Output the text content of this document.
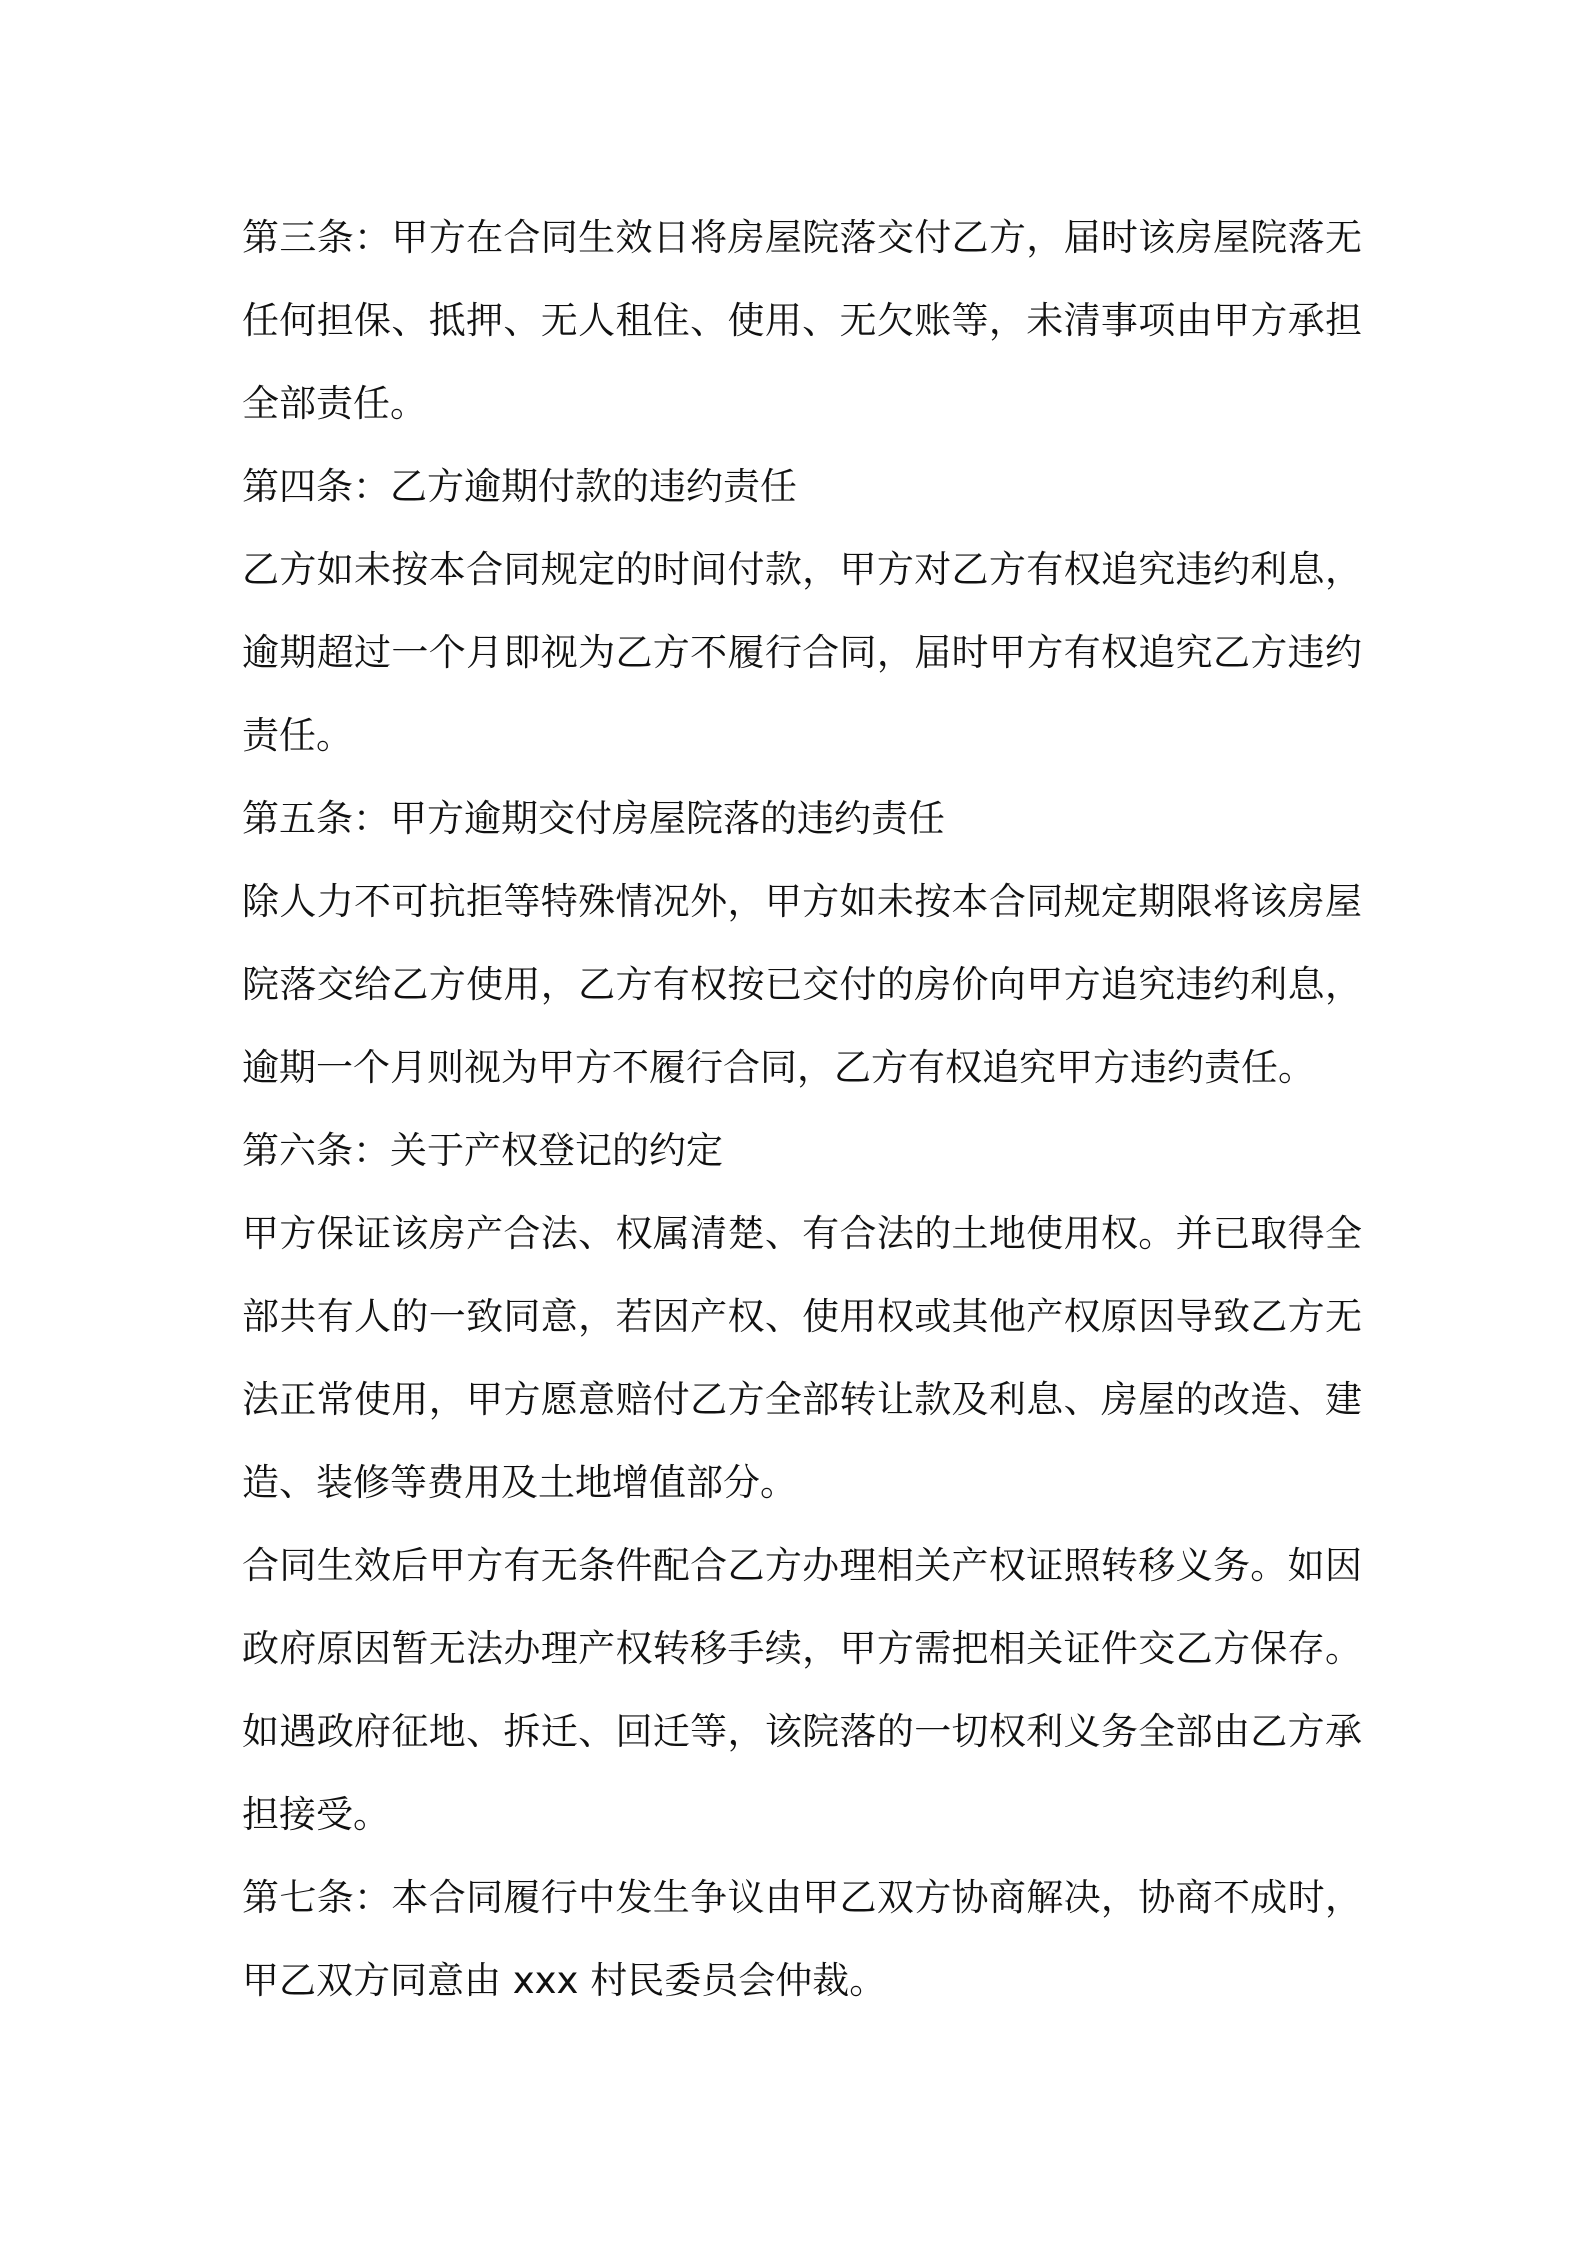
第三条：甲方在合同生效日将房屋院落交付乙方，届时该房屋院落无
任何担保、抵押、无人租住、使用、无欠账等，未清事项由甲方承担
全部责任。
第四条：乙方逾期付款的违约责任
乙方如未按本合同规定的时间付款，甲方对乙方有权追究违约利息，
逾期超过一个月即视为乙方不履行合同，届时甲方有权追究乙方违约
责任。
第五条：甲方逾期交付房屋院落的违约责任
除人力不可抗拒等特殊情况外，甲方如未按本合同规定期限将该房屋
院落交给乙方使用，乙方有权按已交付的房价向甲方追究违约利息，
逾期一个月则视为甲方不履行合同，乙方有权追究甲方违约责任。
第六条：关于产权登记的约定
甲方保证该房产合法、权属清楚、有合法的土地使用权。并已取得全
部共有人的一致同意，若因产权、使用权或其他产权原因导致乙方无
法正常使用，甲方愿意赔付乙方全部转让款及利息、房屋的改造、建
造、装修等费用及土地增值部分。
合同生效后甲方有无条件配合乙方办理相关产权证照转移义务。如因
政府原因暂无法办理产权转移手续，甲方需把相关证件交乙方保存。
如遇政府征地、拆迁、回迁等，该院落的一切权利义务全部由乙方承
担接受。
第七条：本合同履行中发生争议由甲乙双方协商解决，协商不成时，
甲乙双方同意由 xxx 村民委员会仲裁。
